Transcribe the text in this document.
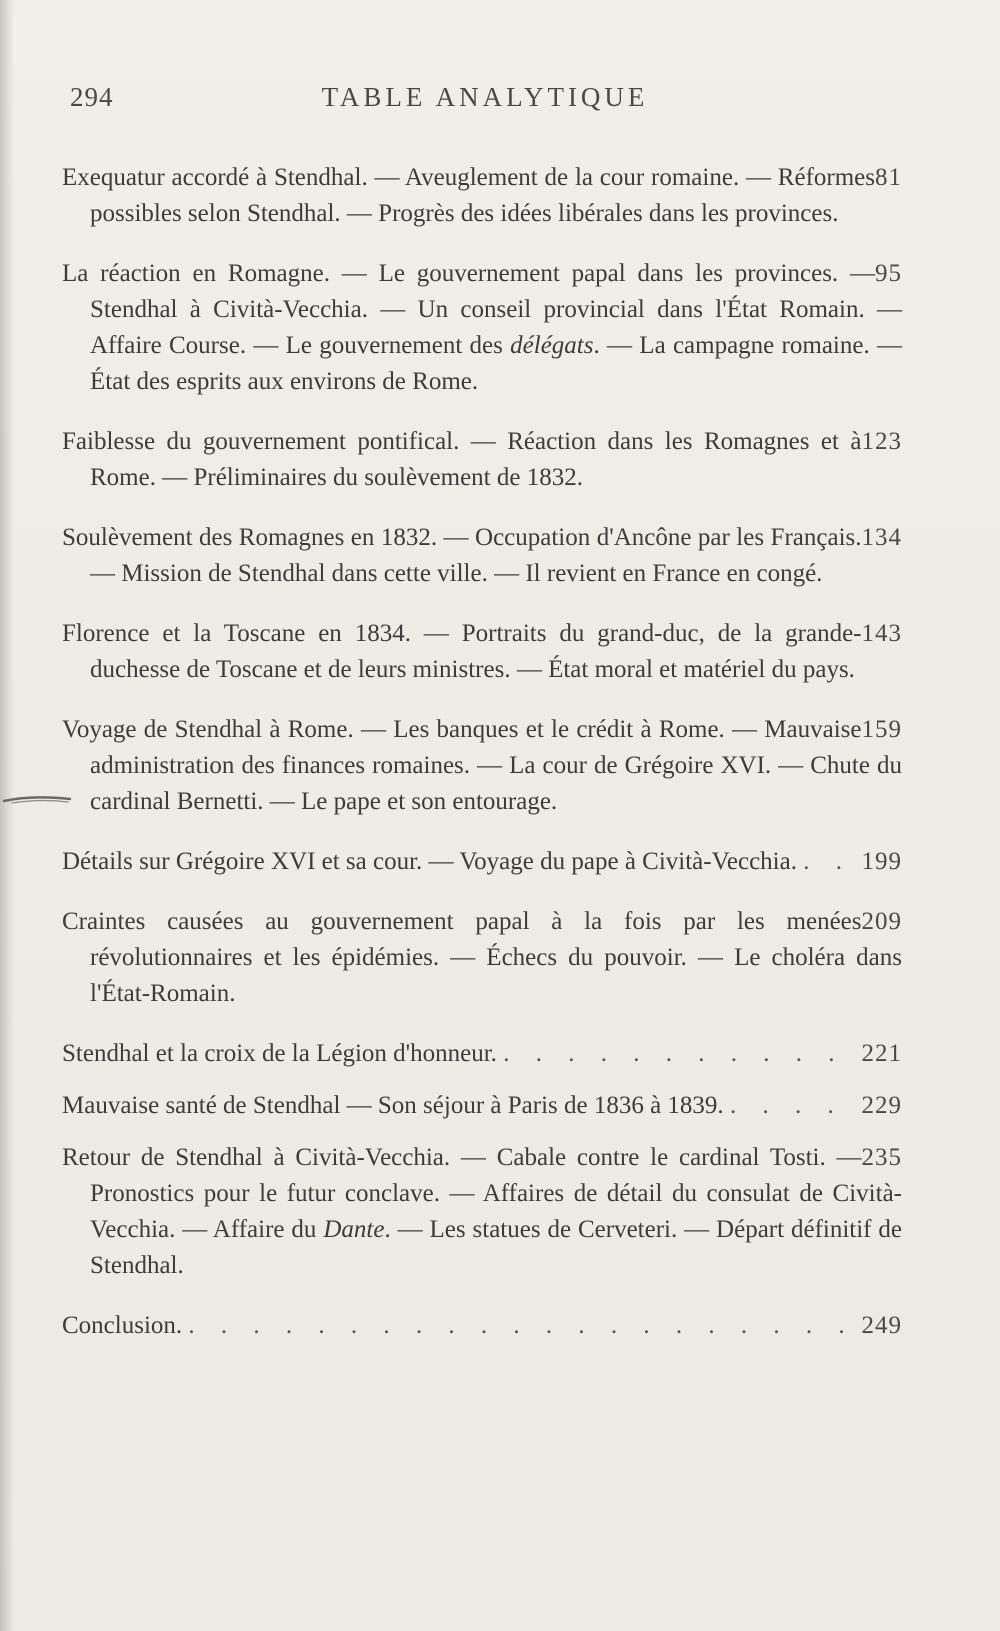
294	TABLE ANALYTIQUE
81
Exequatur accordé à Stendhal. — Aveuglement de la cour romaine. — Réformes possibles selon Stendhal. — Progrès des idées libérales dans les provinces.
95
La réaction en Romagne. — Le gouvernement papal dans les provinces. — Stendhal à Cività-Vecchia. — Un conseil provincial dans l'État Romain. — Affaire Course. — Le gouvernement des délégats. — La campagne romaine. — État des esprits aux environs de Rome.
123
Faiblesse du gouvernement pontifical. — Réaction dans les Romagnes et à Rome. — Préliminaires du soulèvement de 1832.
134
Soulèvement des Romagnes en 1832. — Occupation d'Ancône par les Français. — Mission de Stendhal dans cette ville. — Il revient en France en congé.
143
Florence et la Toscane en 1834. — Portraits du grand-duc, de la grande-duchesse de Toscane et de leurs ministres. — État moral et matériel du pays.
159
Voyage de Stendhal à Rome. — Les banques et le crédit à Rome. — Mauvaise administration des finances romaines. — La cour de Grégoire XVI. — Chute du cardinal Bernetti. — Le pape et son entourage.
199
Détails sur Grégoire XVI et sa cour. — Voyage du pape à Cività-Vecchia. . .
209
Craintes causées au gouvernement papal à la fois par les menées révolutionnaires et les épidémies. — Échecs du pouvoir. — Le choléra dans l'État-Romain.
221
Stendhal et la croix de la Légion d'honneur. . . . . . . . . . . .
229
Mauvaise santé de Stendhal — Son séjour à Paris de 1836 à 1839. . . . .
235
Retour de Stendhal à Cività-Vecchia. — Cabale contre le cardinal Tosti. — Pronostics pour le futur conclave. — Affaires de détail du consulat de Cività-Vecchia. — Affaire du Dante. — Les statues de Cerveteri. — Départ définitif de Stendhal.
249
Conclusion. . . . . . . . . . . . . . . . . . . . . .
